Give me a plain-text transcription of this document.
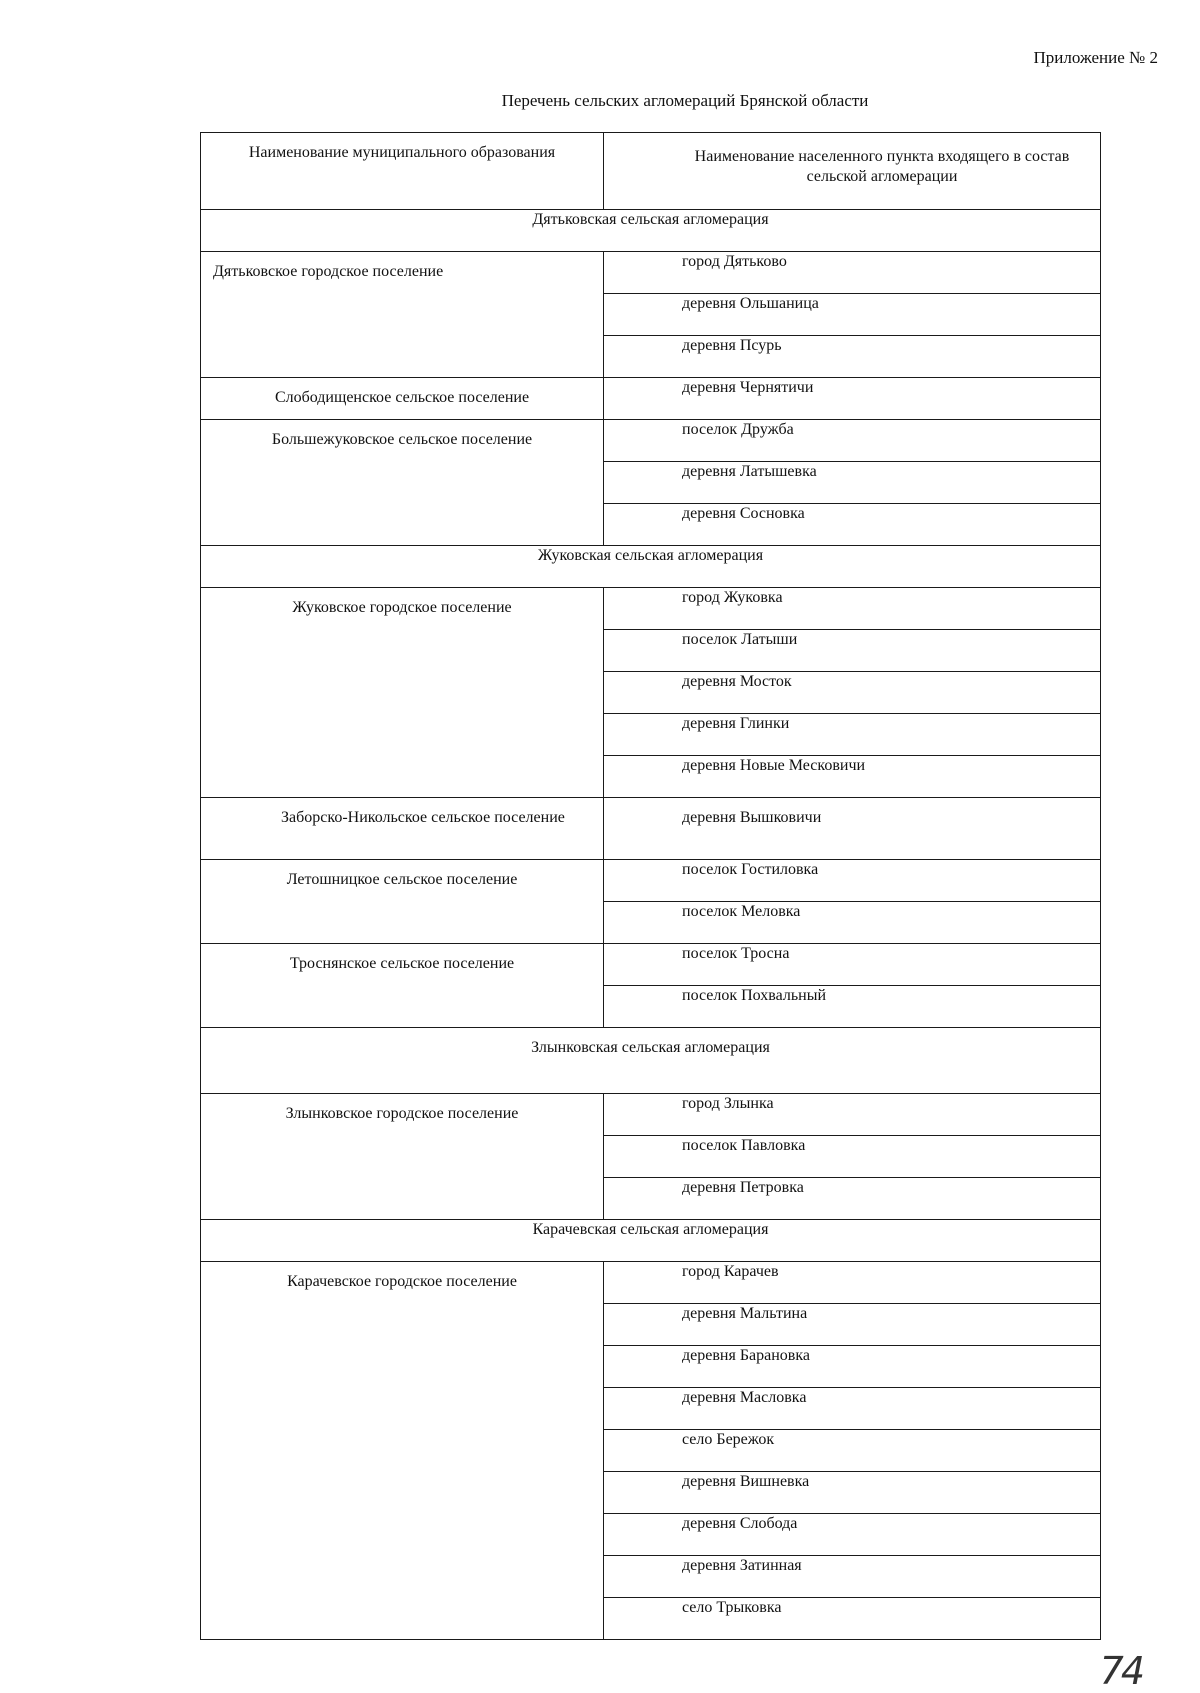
Приложение № 2
Перечень сельских агломераций Брянской области
Наименование муниципального образования	Наименование населенного пункта входящего в состав сельской агломерации
Дятьковская сельская агломерация	
Дятьковское городское поселение	город Дятьково
	деревня Ольшаница
	деревня Псурь
Слободищенское сельское поселение	деревня Чернятичи
Большежуковское сельское поселение	поселок Дружба
	деревня Латышевка
	деревня Сосновка
Жуковская сельская агломерация	
Жуковское городское поселение	город Жуковка
	поселок Латыши
	деревня Мосток
	деревня Глинки
	деревня Новые Месковичи

Заборско-Никольское сельское поселение	деревня Вышковичи
Летошницкое сельское поселение	поселок Гостиловка
	поселок Меловка
Троснянское сельское поселение	поселок Тросна
	поселок Похвальный
Злынковская сельская агломерация	
Злынковское городское поселение	город Злынка
	поселок Павловка
	деревня Петровка
Карачевская сельская агломерация	
Карачевское городское поселение	город Карачев
	деревня Мальтина
	деревня Барановка
	деревня Масловка
	село Бережок
	деревня Вишневка
	деревня Слобода
	деревня Затинная
	село Трыковка
74
